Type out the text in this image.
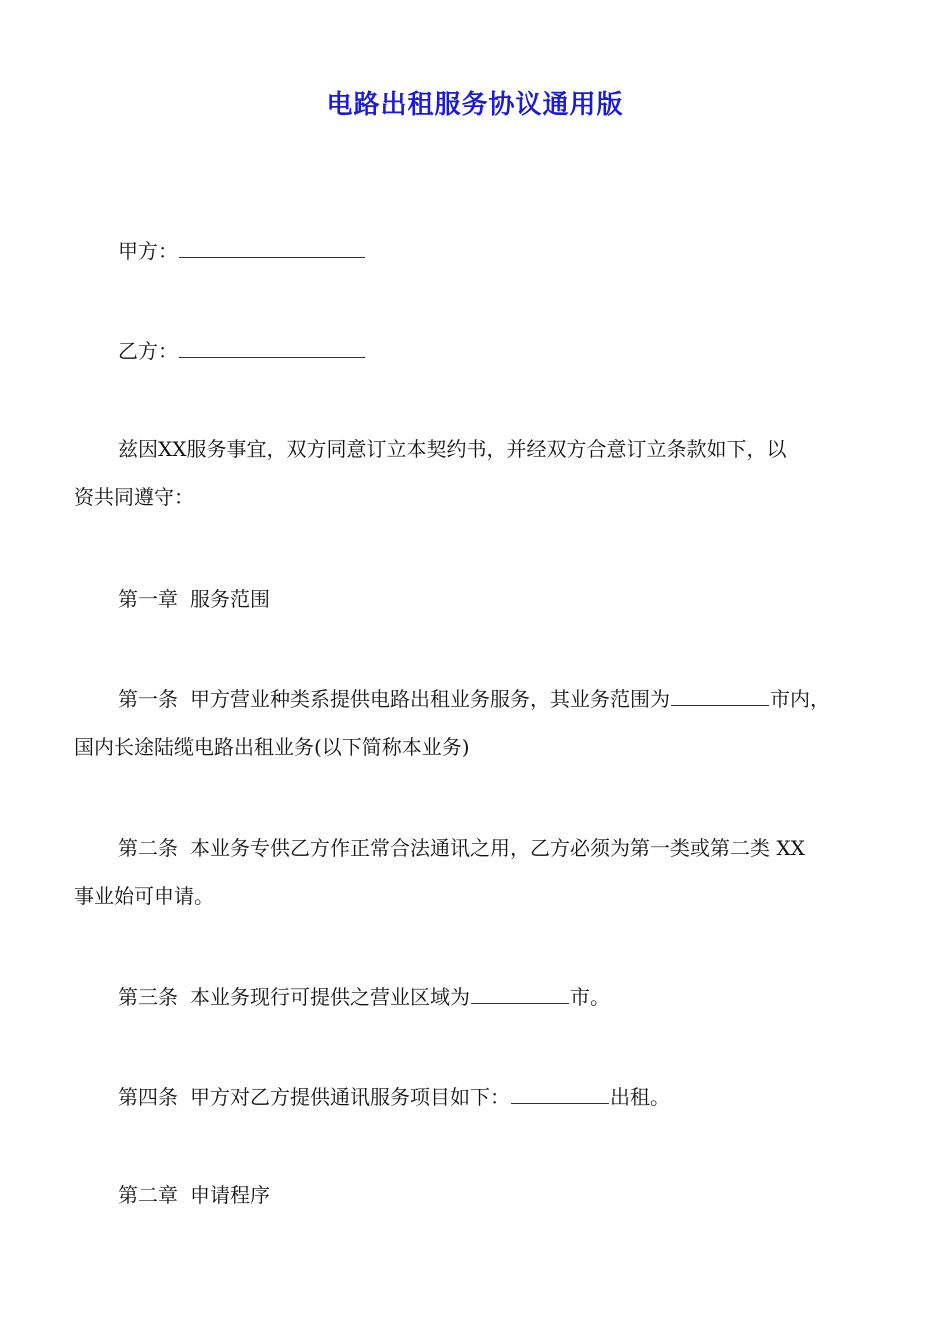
电路出租服务协议通用版

甲方：

乙方：

兹因XX服务事宜，双方同意订立本契约书，并经双方合意订立条款如下，以
资共同遵守：

第一章 服务范围

第一条 甲方营业种类系提供电路出租业务服务，其业务范围为	市内，
国内长途陆缆电路出租业务(以下简称本业务)

第二条 本业务专供乙方作正常合法通讯之用，乙方必须为第一类或第二类 XX
事业始可申请。

第三条 本业务现行可提供之营业区域为	市。

第四条 甲方对乙方提供通讯服务项目如下：	出租。

第二章 申请程序
